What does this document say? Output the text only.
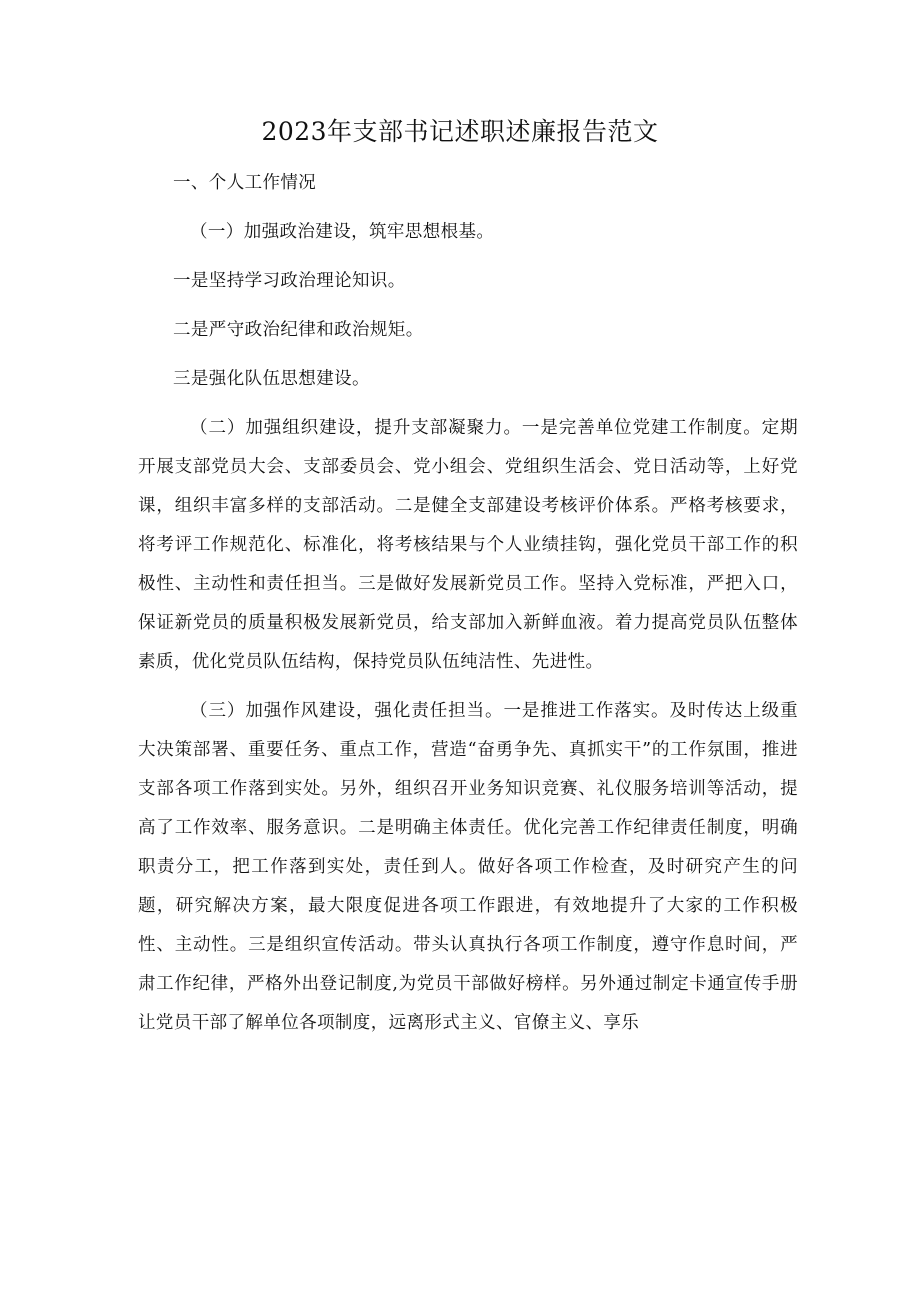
2023年支部书记述职述廉报告范文

一、个人工作情况

（一）加强政治建设，筑牢思想根基。

一是坚持学习政治理论知识。

二是严守政治纪律和政治规矩。

三是强化队伍思想建设。

（二）加强组织建设，提升支部凝聚力。一是完善单位党建工作制度。定期开展支部党员大会、支部委员会、党小组会、党组织生活会、党日活动等，上好党课，组织丰富多样的支部活动。二是健全支部建设考核评价体系。严格考核要求，将考评工作规范化、标准化，将考核结果与个人业绩挂钩，强化党员干部工作的积极性、主动性和责任担当。三是做好发展新党员工作。坚持入党标准，严把入口，保证新党员的质量积极发展新党员，给支部加入新鲜血液。着力提高党员队伍整体素质，优化党员队伍结构，保持党员队伍纯洁性、先进性。

（三）加强作风建设，强化责任担当。一是推进工作落实。及时传达上级重大决策部署、重要任务、重点工作，营造“奋勇争先、真抓实干”的工作氛围，推进支部各项工作落到实处。另外，组织召开业务知识竞赛、礼仪服务培训等活动，提高了工作效率、服务意识。二是明确主体责任。优化完善工作纪律责任制度，明确职责分工，把工作落到实处，责任到人。做好各项工作检查，及时研究产生的问题，研究解决方案，最大限度促进各项工作跟进，有效地提升了大家的工作积极性、主动性。三是组织宣传活动。带头认真执行各项工作制度，遵守作息时间，严肃工作纪律，严格外出登记制度,为党员干部做好榜样。另外通过制定卡通宣传手册让党员干部了解单位各项制度，远离形式主义、官僚主义、享乐
